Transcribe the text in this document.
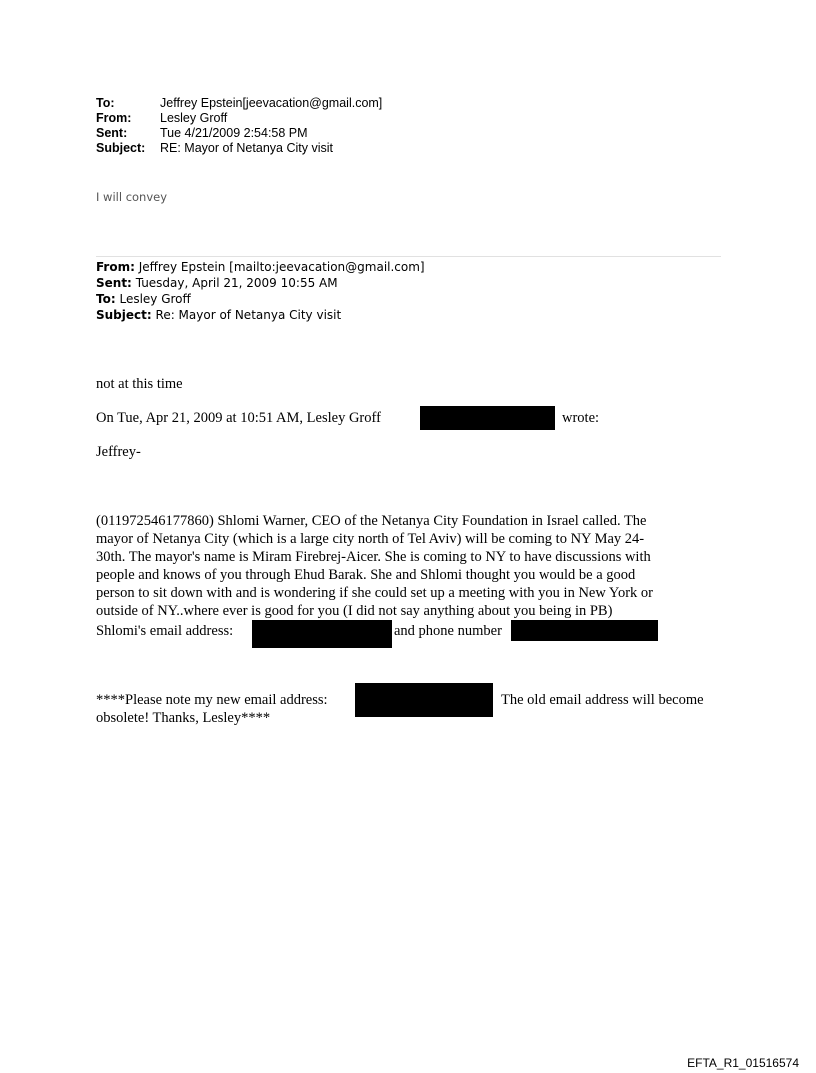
To:	Jeffrey Epstein[jeevacation@gmail.com]
From:	Lesley Groff
Sent:	Tue 4/21/2009 2:54:58 PM
Subject:	RE: Mayor of Netanya City visit
I will convey
From: Jeffrey Epstein [mailto:jeevacation@gmail.com]
Sent: Tuesday, April 21, 2009 10:55 AM
To: Lesley Groff
Subject: Re: Mayor of Netanya City visit
not at this time
On Tue, Apr 21, 2009 at 10:51 AM, Lesley Groff	wrote:
Jeffrey-
(011972546177860) Shlomi Warner, CEO of the Netanya City Foundation in Israel called. The
mayor of Netanya City (which is a large city north of Tel Aviv) will be coming to NY May 24-
30th. The mayor's name is Miram Firebrej-Aicer. She is coming to NY to have discussions with
people and knows of you through Ehud Barak. She and Shlomi thought you would be a good
person to sit down with and is wondering if she could set up a meeting with you in New York or
outside of NY..where ever is good for you (I did not say anything about you being in PB)
Shlomi's email address:	and phone number
****Please note my new email address:	The old email address will become
obsolete! Thanks, Lesley****
EFTA_R1_01516574
